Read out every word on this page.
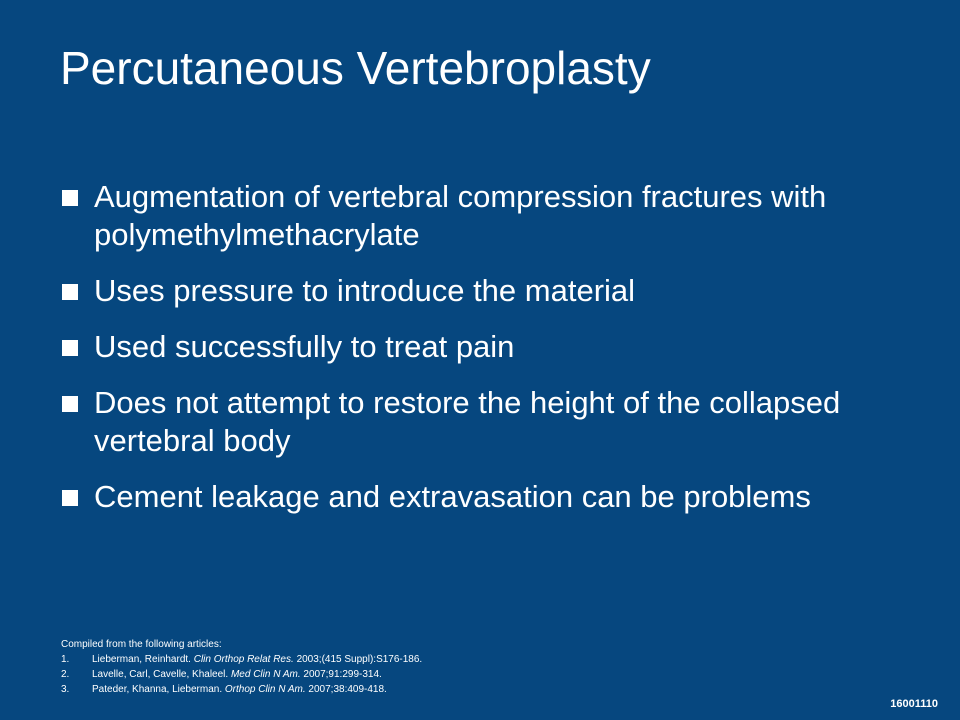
Percutaneous Vertebroplasty
Augmentation of vertebral compression fractures with polymethylmethacrylate
Uses pressure to introduce the material
Used successfully to treat pain
Does not attempt to restore the height of the collapsed vertebral body
Cement leakage and extravasation can be problems
Compiled from the following articles:
1. Lieberman, Reinhardt. Clin Orthop Relat Res. 2003;(415 Suppl):S176-186.
2. Lavelle, Carl, Cavelle, Khaleel. Med Clin N Am. 2007;91:299-314.
3. Pateder, Khanna, Lieberman. Orthop Clin N Am. 2007;38:409-418.
16001110
